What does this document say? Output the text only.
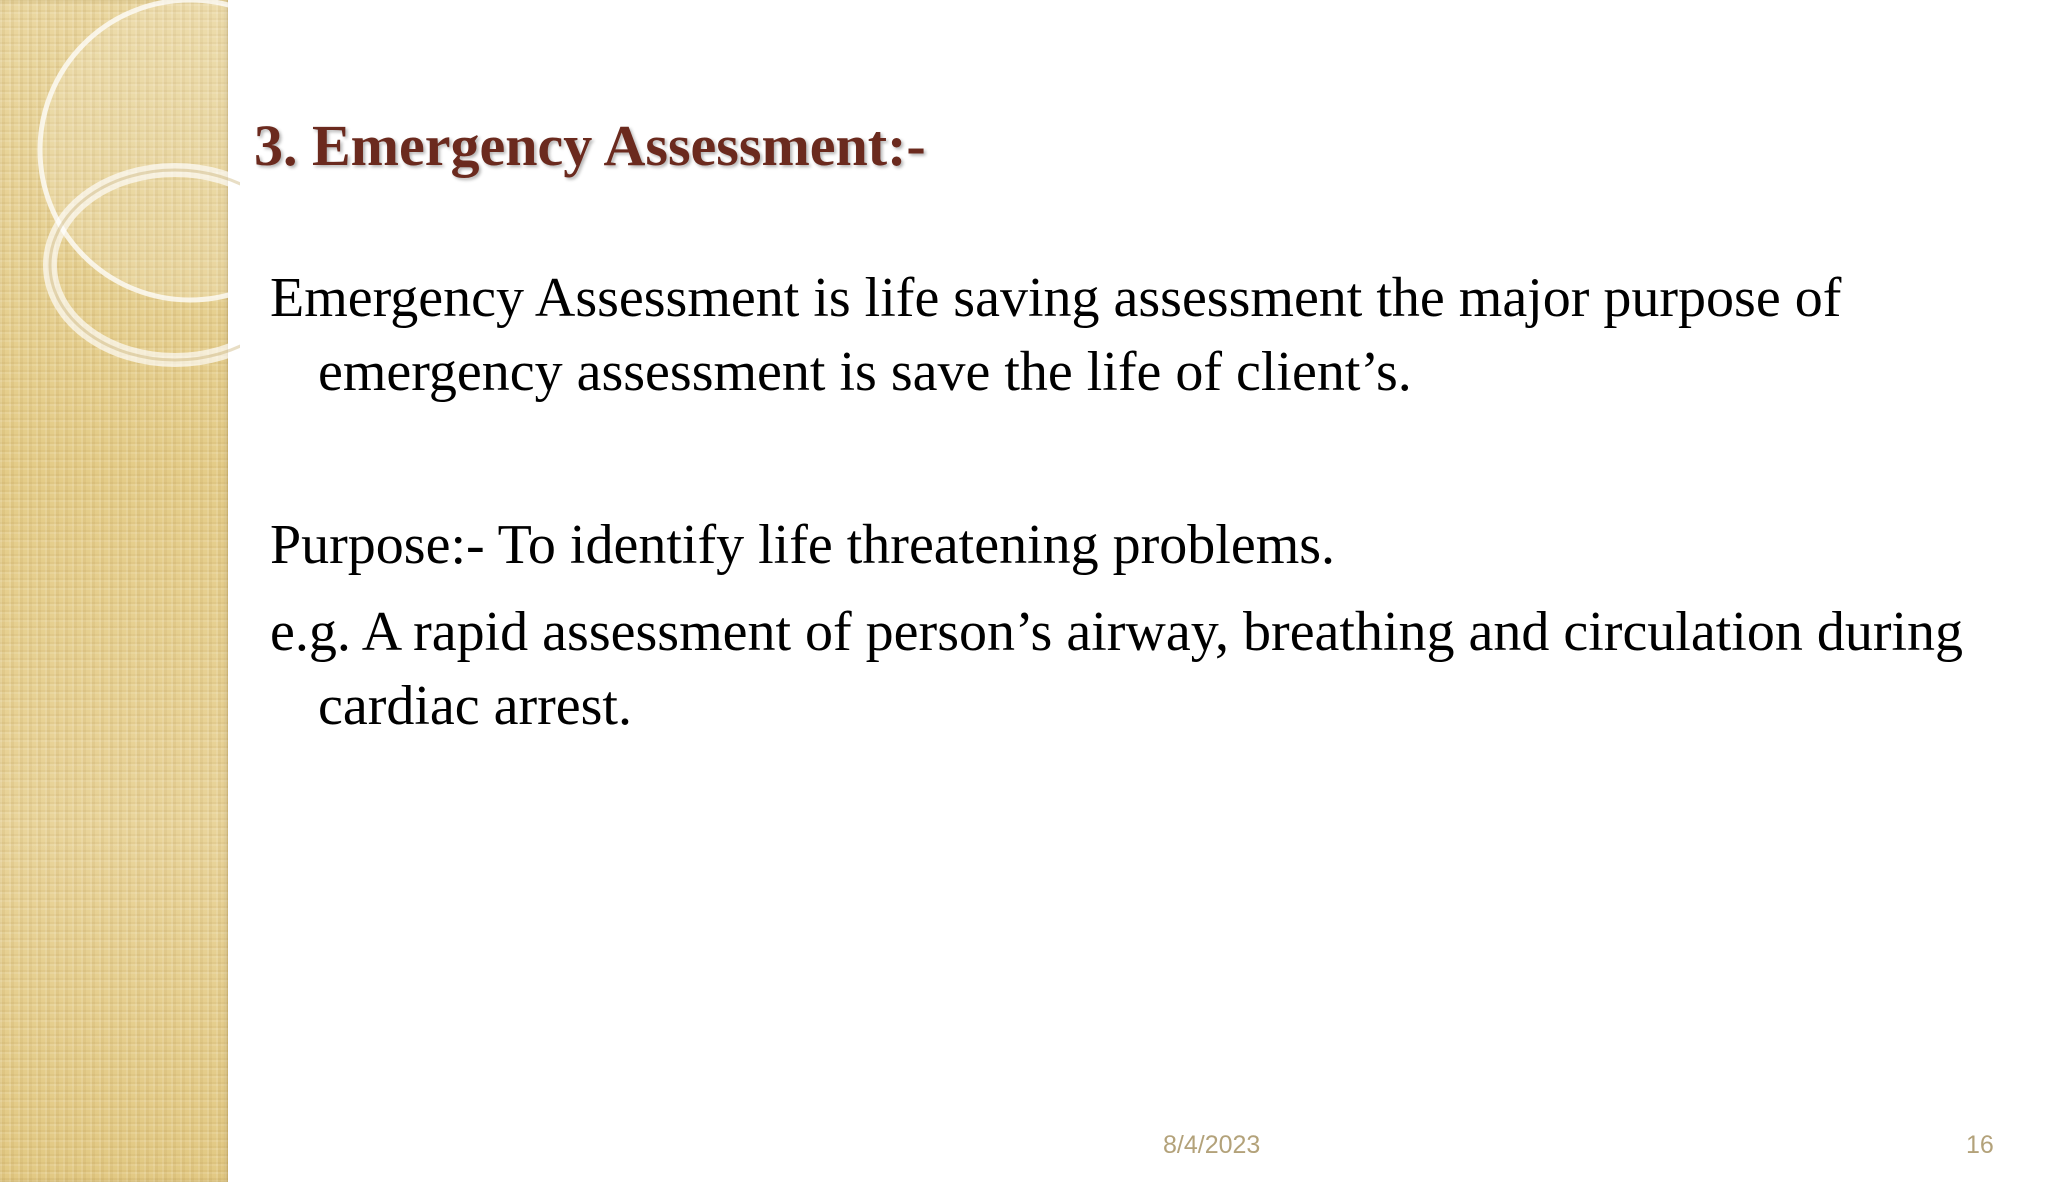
3. Emergency Assessment:-

Emergency Assessment is life saving assessment the major purpose of emergency assessment is save the life of client’s.

Purpose:- To identify life threatening problems.

e.g. A rapid assessment of person’s airway, breathing and circulation during cardiac arrest.

8/4/2023	16
